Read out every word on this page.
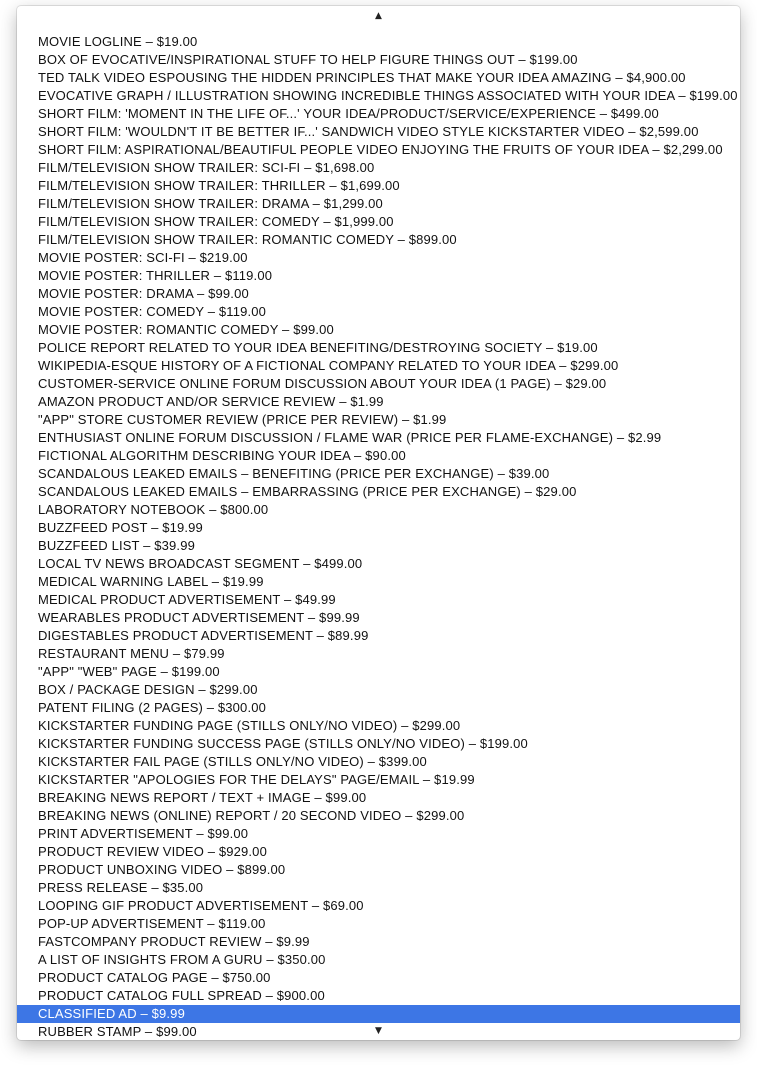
▲
MOVIE LOGLINE – $19.00
BOX OF EVOCATIVE/INSPIRATIONAL STUFF TO HELP FIGURE THINGS OUT – $199.00
TED TALK VIDEO ESPOUSING THE HIDDEN PRINCIPLES THAT MAKE YOUR IDEA AMAZING – $4,900.00
EVOCATIVE GRAPH / ILLUSTRATION SHOWING INCREDIBLE THINGS ASSOCIATED WITH YOUR IDEA – $199.00
SHORT FILM: 'MOMENT IN THE LIFE OF...' YOUR IDEA/PRODUCT/SERVICE/EXPERIENCE – $499.00
SHORT FILM: 'WOULDN'T IT BE BETTER IF...' SANDWICH VIDEO STYLE KICKSTARTER VIDEO – $2,599.00
SHORT FILM: ASPIRATIONAL/BEAUTIFUL PEOPLE VIDEO ENJOYING THE FRUITS OF YOUR IDEA – $2,299.00
FILM/TELEVISION SHOW TRAILER: SCI-FI – $1,698.00
FILM/TELEVISION SHOW TRAILER: THRILLER – $1,699.00
FILM/TELEVISION SHOW TRAILER: DRAMA – $1,299.00
FILM/TELEVISION SHOW TRAILER: COMEDY – $1,999.00
FILM/TELEVISION SHOW TRAILER: ROMANTIC COMEDY – $899.00
MOVIE POSTER: SCI-FI – $219.00
MOVIE POSTER: THRILLER – $119.00
MOVIE POSTER: DRAMA – $99.00
MOVIE POSTER: COMEDY – $119.00
MOVIE POSTER: ROMANTIC COMEDY – $99.00
POLICE REPORT RELATED TO YOUR IDEA BENEFITING/DESTROYING SOCIETY – $19.00
WIKIPEDIA-ESQUE HISTORY OF A FICTIONAL COMPANY RELATED TO YOUR IDEA – $299.00
CUSTOMER-SERVICE ONLINE FORUM DISCUSSION ABOUT YOUR IDEA (1 PAGE) – $29.00
AMAZON PRODUCT AND/OR SERVICE REVIEW – $1.99
"APP" STORE CUSTOMER REVIEW (PRICE PER REVIEW) – $1.99
ENTHUSIAST ONLINE FORUM DISCUSSION / FLAME WAR (PRICE PER FLAME-EXCHANGE) – $2.99
FICTIONAL ALGORITHM DESCRIBING YOUR IDEA – $90.00
SCANDALOUS LEAKED EMAILS – BENEFITING (PRICE PER EXCHANGE) – $39.00
SCANDALOUS LEAKED EMAILS – EMBARRASSING (PRICE PER EXCHANGE) – $29.00
LABORATORY NOTEBOOK – $800.00
BUZZFEED POST – $19.99
BUZZFEED LIST – $39.99
LOCAL TV NEWS BROADCAST SEGMENT – $499.00
MEDICAL WARNING LABEL – $19.99
MEDICAL PRODUCT ADVERTISEMENT – $49.99
WEARABLES PRODUCT ADVERTISEMENT – $99.99
DIGESTABLES PRODUCT ADVERTISEMENT – $89.99
RESTAURANT MENU – $79.99
"APP" "WEB" PAGE – $199.00
BOX / PACKAGE DESIGN – $299.00
PATENT FILING (2 PAGES) – $300.00
KICKSTARTER FUNDING PAGE (STILLS ONLY/NO VIDEO) – $299.00
KICKSTARTER FUNDING SUCCESS PAGE (STILLS ONLY/NO VIDEO) – $199.00
KICKSTARTER FAIL PAGE (STILLS ONLY/NO VIDEO) – $399.00
KICKSTARTER "APOLOGIES FOR THE DELAYS" PAGE/EMAIL – $19.99
BREAKING NEWS REPORT / TEXT + IMAGE – $99.00
BREAKING NEWS (ONLINE) REPORT / 20 SECOND VIDEO – $299.00
PRINT ADVERTISEMENT – $99.00
PRODUCT REVIEW VIDEO – $929.00
PRODUCT UNBOXING VIDEO – $899.00
PRESS RELEASE – $35.00
LOOPING GIF PRODUCT ADVERTISEMENT – $69.00
POP-UP ADVERTISEMENT – $119.00
FASTCOMPANY PRODUCT REVIEW – $9.99
A LIST OF INSIGHTS FROM A GURU – $350.00
PRODUCT CATALOG PAGE – $750.00
PRODUCT CATALOG FULL SPREAD – $900.00
CLASSIFIED AD – $9.99
RUBBER STAMP – $99.00	▼
